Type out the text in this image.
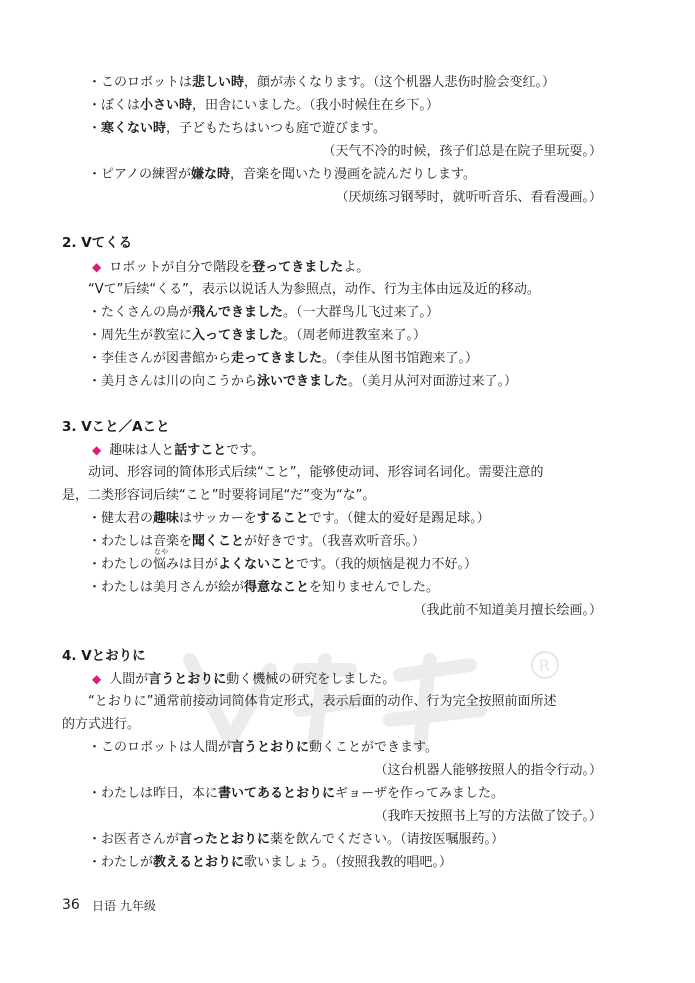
R
・このロボットは悲しい時，顔が赤くなります。（这个机器人悲伤时脸会变红。）
・ぼくは小さい時，田舎にいました。（我小时候住在乡下。）
・寒くない時，子どもたちはいつも庭で遊びます。
（天气不冷的时候，孩子们总是在院子里玩耍。）
・ピアノの練習が嫌な時，音楽を聞いたり漫画を読んだりします。
（厌烦练习钢琴时，就听听音乐、看看漫画。）
2. Vてくる
◆ ロボットが自分で階段を登ってきましたよ。
“Vて”后续“くる”，表示以说话人为参照点，动作、行为主体由远及近的移动。
・たくさんの鳥が飛んできました。（一大群鸟儿飞过来了。）
・周先生が教室に入ってきました。（周老师进教室来了。）
・李佳さんが図書館から走ってきました。（李佳从图书馆跑来了。）
・美月さんは川の向こうから泳いできました。（美月从河对面游过来了。）
3. Vこと／Aこと
◆ 趣味は人と話すことです。
动词、形容词的简体形式后续“こと”，能够使动词、形容词名词化。需要注意的
是，二类形容词后续“こと”时要将词尾“だ”变为“な”。
・健太君の趣味はサッカーをすることです。（健太的爱好是踢足球。）
・わたしは音楽を聞くことが好きです。（我喜欢听音乐。）
・わたしの
なや
悩みは目がよくないことです。（我的烦恼是视力不好。）
・わたしは美月さんが絵が得意なことを知りませんでした。
（我此前不知道美月擅长绘画。）
4. Vとおりに
◆ 人間が言うとおりに動く機械の研究をしました。
“とおりに”通常前接动词简体肯定形式，表示后面的动作、行为完全按照前面所述
的方式进行。
・このロボットは人間が言うとおりに動くことができます。
（这台机器人能够按照人的指令行动。）
・わたしは昨日，本に書いてあるとおりにギョーザを作ってみました。
（我昨天按照书上写的方法做了饺子。）
・お医者さんが言ったとおりに薬を飲んでください。（请按医嘱服药。）
・わたしが教えるとおりに歌いましょう。（按照我教的唱吧。）
36 日语 九年级
